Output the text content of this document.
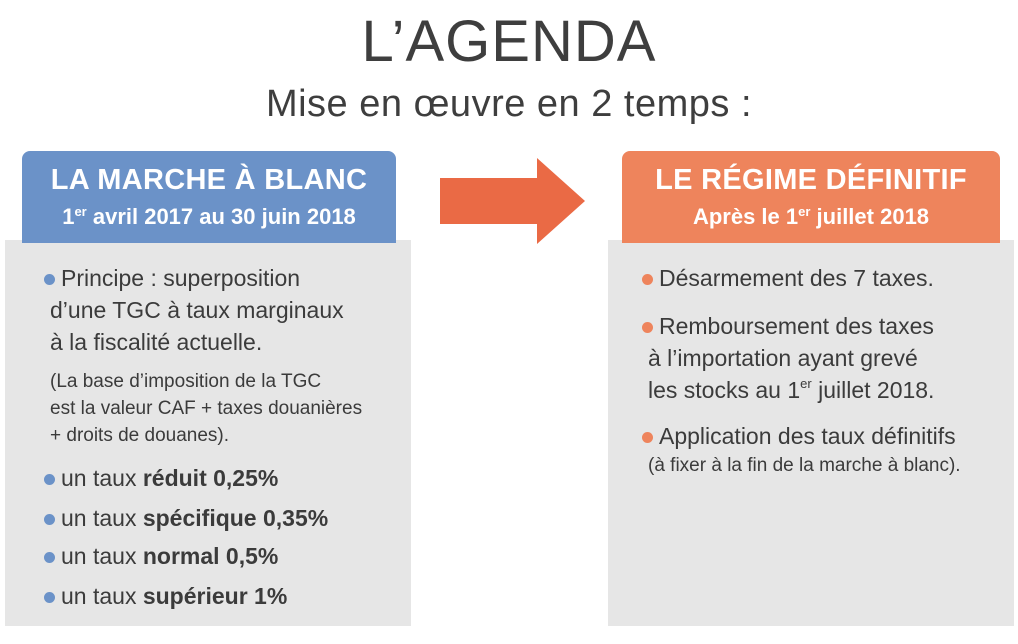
L’AGENDA
Mise en œuvre en 2 temps :
LA MARCHE À BLANC
1er avril 2017 au 30 juin 2018
Principe : superposition
d’une TGC à taux marginaux
à la fiscalité actuelle.
(La base d’imposition de la TGC
est la valeur CAF + taxes douanières
+ droits de douanes).
un taux réduit 0,25%
un taux spécifique 0,35%
un taux normal 0,5%
un taux supérieur 1%
LE RÉGIME DÉFINITIF
Après le 1er juillet 2018
Désarmement des 7 taxes.
Remboursement des taxes
à l’importation ayant grevé
les stocks au 1er juillet 2018.
Application des taux définitifs
(à fixer à la fin de la marche à blanc).
